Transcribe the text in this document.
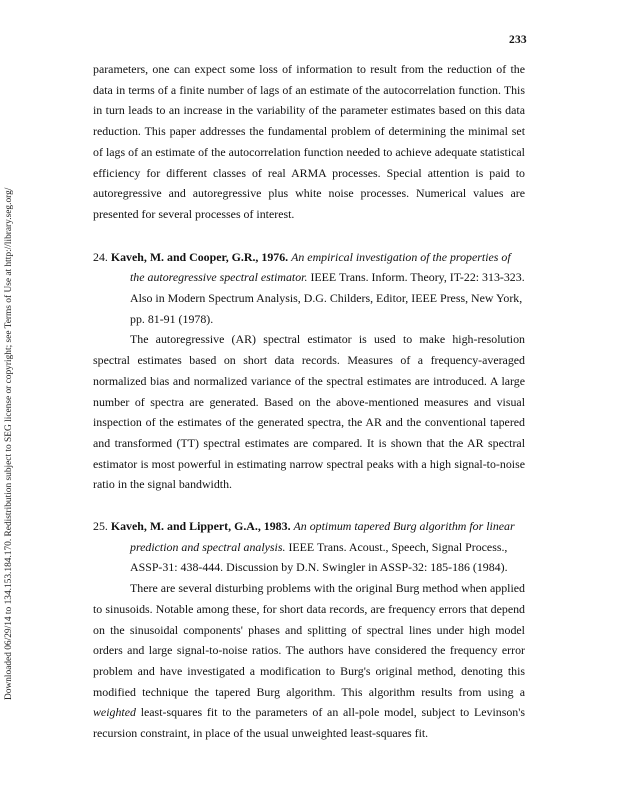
233
Downloaded 06/29/14 to 134.153.184.170. Redistribution subject to SEG license or copyright; see Terms of Use at http://library.seg.org/

parameters, one can expect some loss of information to result from the reduction of the data in terms of a finite number of lags of an estimate of the autocorrelation function. This in turn leads to an increase in the variability of the parameter estimates based on this data reduction. This paper addresses the fundamental problem of determining the minimal set of lags of an estimate of the autocorrelation function needed to achieve adequate statistical efficiency for different classes of real ARMA processes. Special attention is paid to autoregressive and autoregressive plus white noise processes. Numerical values are presented for several processes of interest.

24. Kaveh, M. and Cooper, G.R., 1976. An empirical investigation of the properties of the autoregressive spectral estimator. IEEE Trans. Inform. Theory, IT-22: 313-323. Also in Modern Spectrum Analysis, D.G. Childers, Editor, IEEE Press, New York, pp. 81-91 (1978).

The autoregressive (AR) spectral estimator is used to make high-resolution spectral estimates based on short data records. Measures of a frequency-averaged normalized bias and normalized variance of the spectral estimates are introduced. A large number of spectra are generated. Based on the above-mentioned measures and visual inspection of the estimates of the generated spectra, the AR and the conventional tapered and transformed (TT) spectral estimates are compared. It is shown that the AR spectral estimator is most powerful in estimating narrow spectral peaks with a high signal-to-noise ratio in the signal bandwidth.

25. Kaveh, M. and Lippert, G.A., 1983. An optimum tapered Burg algorithm for linear prediction and spectral analysis. IEEE Trans. Acoust., Speech, Signal Process., ASSP-31: 438-444. Discussion by D.N. Swingler in ASSP-32: 185-186 (1984).

There are several disturbing problems with the original Burg method when applied to sinusoids. Notable among these, for short data records, are frequency errors that depend on the sinusoidal components' phases and splitting of spectral lines under high model orders and large signal-to-noise ratios. The authors have considered the frequency error problem and have investigated a modification to Burg's original method, denoting this modified technique the tapered Burg algorithm. This algorithm results from using a weighted least-squares fit to the parameters of an all-pole model, subject to Levinson's recursion constraint, in place of the usual unweighted least-squares fit.
